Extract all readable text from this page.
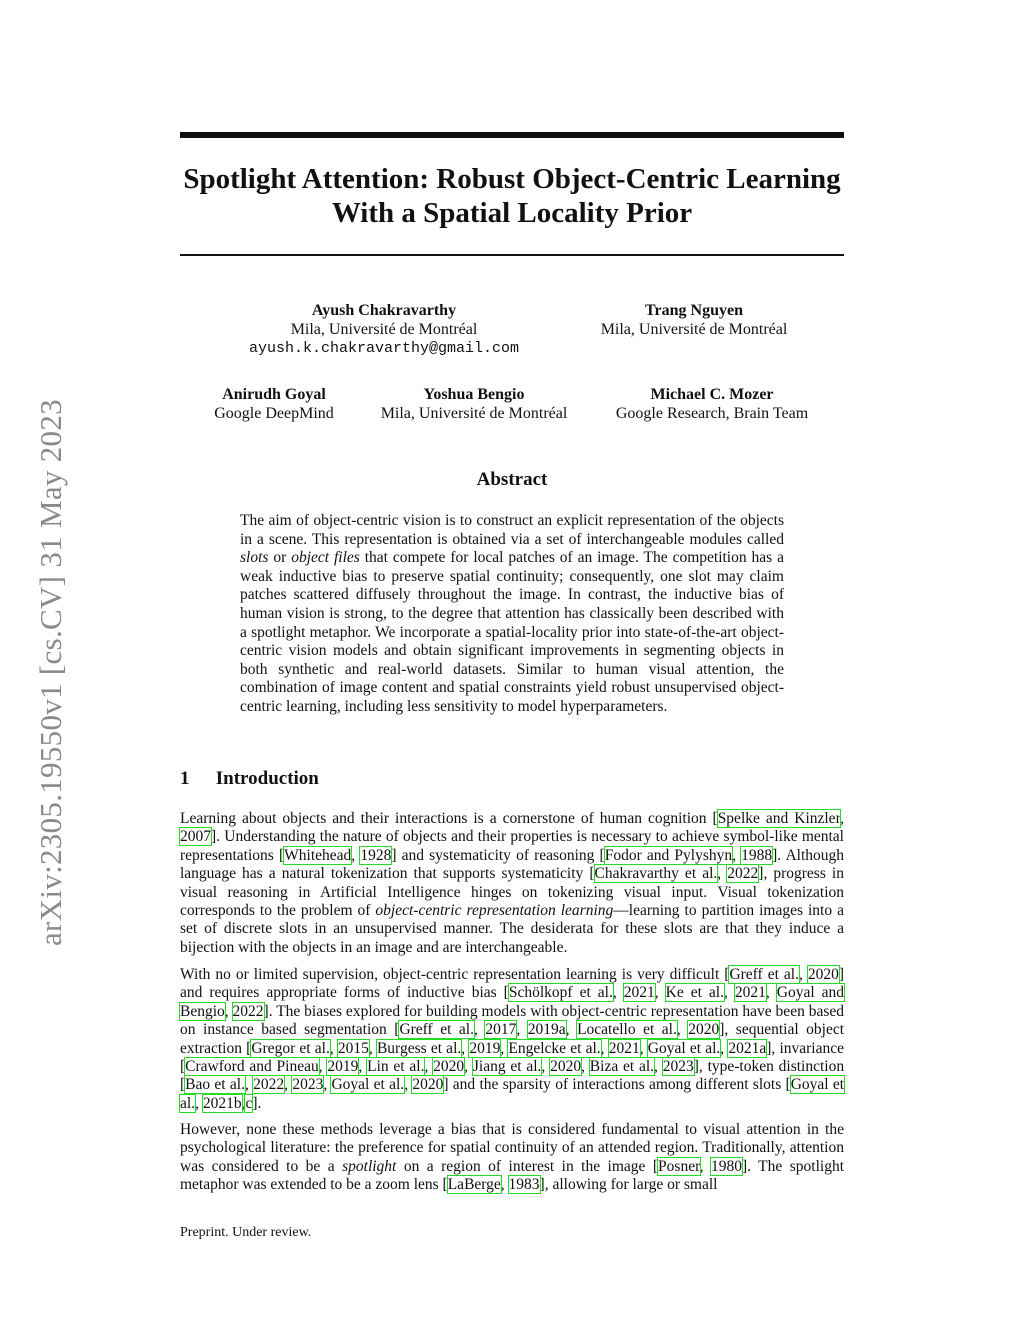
arXiv:2305.19550v1 [cs.CV] 31 May 2023
Spotlight Attention: Robust Object-Centric Learning
With a Spatial Locality Prior
Ayush Chakravarthy
Mila, Université de Montréal
ayush.k.chakravarthy@gmail.com
Trang Nguyen
Mila, Université de Montréal
Anirudh Goyal
Google DeepMind
Yoshua Bengio
Mila, Université de Montréal
Michael C. Mozer
Google Research, Brain Team
Abstract

The aim of object-centric vision is to construct an explicit representation of the objects in a scene. This representation is obtained via a set of interchangeable modules called slots or object files that compete for local patches of an image. The competition has a weak inductive bias to preserve spatial continuity; consequently, one slot may claim patches scattered diffusely throughout the image. In contrast, the inductive bias of human vision is strong, to the degree that attention has classically been described with a spotlight metaphor. We incorporate a spatial-locality prior into state-of-the-art object-centric vision models and obtain significant improvements in segmenting objects in both synthetic and real-world datasets. Similar to human visual attention, the combination of image content and spatial constraints yield robust unsupervised object-centric learning, including less sensitivity to model hyperparameters.

1 Introduction

Learning about objects and their interactions is a cornerstone of human cognition [Spelke and Kinzler, 2007]. Understanding the nature of objects and their properties is necessary to achieve symbol-like mental representations [Whitehead, 1928] and systematicity of reasoning [Fodor and Pylyshyn, 1988]. Although language has a natural tokenization that supports systematicity [Chakravarthy et al., 2022], progress in visual reasoning in Artificial Intelligence hinges on tokenizing visual input. Visual tokenization corresponds to the problem of object-centric representation learning—learning to partition images into a set of discrete slots in an unsupervised manner. The desiderata for these slots are that they induce a bijection with the objects in an image and are interchangeable.

With no or limited supervision, object-centric representation learning is very difficult [Greff et al., 2020] and requires appropriate forms of inductive bias [Schölkopf et al., 2021, Ke et al., 2021, Goyal and Bengio, 2022]. The biases explored for building models with object-centric representation have been based on instance based segmentation [Greff et al., 2017, 2019a, Locatello et al., 2020], sequential object extraction [Gregor et al., 2015, Burgess et al., 2019, Engelcke et al., 2021, Goyal et al., 2021a], invariance [Crawford and Pineau, 2019, Lin et al., 2020, Jiang et al., 2020, Biza et al., 2023], type-token distinction [Bao et al., 2022, 2023, Goyal et al., 2020] and the sparsity of interactions among different slots [Goyal et al., 2021b,c].

However, none these methods leverage a bias that is considered fundamental to visual attention in the psychological literature: the preference for spatial continuity of an attended region. Traditionally, attention was considered to be a spotlight on a region of interest in the image [Posner, 1980]. The spotlight metaphor was extended to be a zoom lens [LaBerge, 1983], allowing for large or small

Preprint. Under review.
